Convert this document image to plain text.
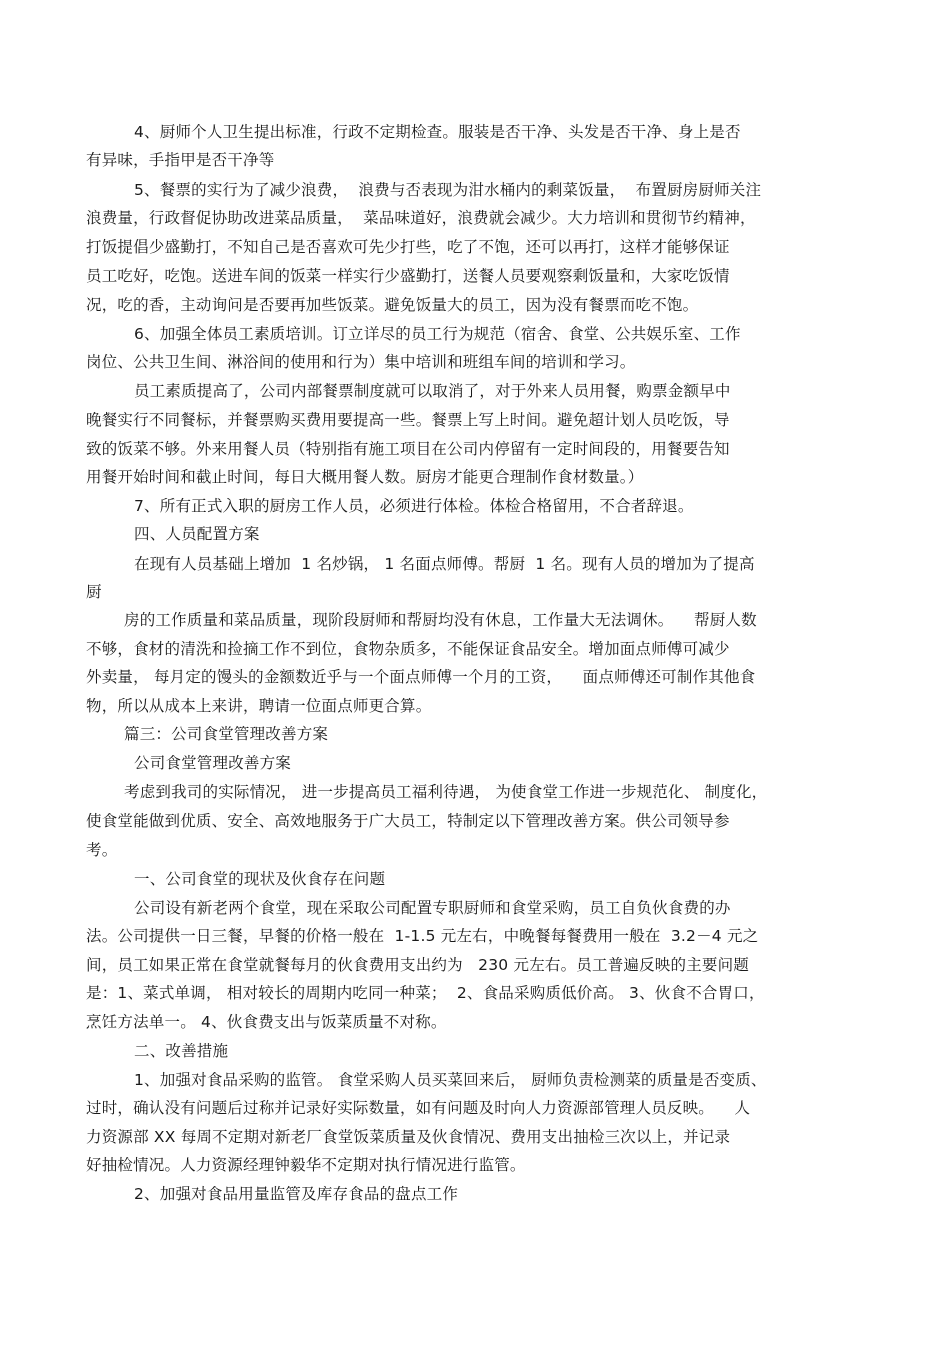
4、厨师个人卫生提出标准，行政不定期检查。服装是否干净、头发是否干净、身上是否
有异味，手指甲是否干净等
5、餐票的实行为了减少浪费，  浪费与否表现为泔水桶内的剩菜饭量，  布置厨房厨师关注
浪费量，行政督促协助改进菜品质量，  菜品味道好，浪费就会减少。大力培训和贯彻节约精神，
打饭提倡少盛勤打，不知自己是否喜欢可先少打些，吃了不饱，还可以再打，这样才能够保证
员工吃好，吃饱。送进车间的饭菜一样实行少盛勤打，送餐人员要观察剩饭量和，大家吃饭情
况，吃的香，主动询问是否要再加些饭菜。避免饭量大的员工，因为没有餐票而吃不饱。
6、加强全体员工素质培训。订立详尽的员工行为规范（宿舍、食堂、公共娱乐室、工作
岗位、公共卫生间、淋浴间的使用和行为）集中培训和班组车间的培训和学习。
员工素质提高了，公司内部餐票制度就可以取消了，对于外来人员用餐，购票金额早中
晚餐实行不同餐标，并餐票购买费用要提高一些。餐票上写上时间。避免超计划人员吃饭，导
致的饭菜不够。外来用餐人员（特别指有施工项目在公司内停留有一定时间段的，用餐要告知
用餐开始时间和截止时间，每日大概用餐人数。厨房才能更合理制作食材数量。）
7、所有正式入职的厨房工作人员，必须进行体检。体检合格留用，不合者辞退。
四、人员配置方案
在现有人员基础上增加  1 名炒锅， 1 名面点师傅。帮厨  1 名。现有人员的增加为了提高
厨
房的工作质量和菜品质量，现阶段厨师和帮厨均没有休息，工作量大无法调休。    帮厨人数
不够，食材的清洗和捡摘工作不到位，食物杂质多，不能保证食品安全。增加面点师傅可减少
外卖量， 每月定的馒头的金额数近乎与一个面点师傅一个月的工资，    面点师傅还可制作其他食
物，所以从成本上来讲，聘请一位面点师更合算。
篇三：公司食堂管理改善方案
公司食堂管理改善方案
考虑到我司的实际情况， 进一步提高员工福利待遇， 为使食堂工作进一步规范化、 制度化，
使食堂能做到优质、安全、高效地服务于广大员工，特制定以下管理改善方案。供公司领导参
考。
一、公司食堂的现状及伙食存在问题
公司设有新老两个食堂，现在采取公司配置专职厨师和食堂采购，员工自负伙食费的办
法。公司提供一日三餐，早餐的价格一般在  1-1.5 元左右，中晚餐每餐费用一般在  3.2－4 元之
间，员工如果正常在食堂就餐每月的伙食费用支出约为   230 元左右。员工普遍反映的主要问题
是：1、菜式单调， 相对较长的周期内吃同一种菜；  2、食品采购质低价高。 3、伙食不合胃口，
烹饪方法单一。 4、伙食费支出与饭菜质量不对称。
二、改善措施
1、加强对食品采购的监管。 食堂采购人员买菜回来后， 厨师负责检测菜的质量是否变质、
过时，确认没有问题后过称并记录好实际数量，如有问题及时向人力资源部管理人员反映。    人
力资源部 XX 每周不定期对新老厂食堂饭菜质量及伙食情况、费用支出抽检三次以上，并记录
好抽检情况。人力资源经理钟毅华不定期对执行情况进行监管。
2、加强对食品用量监管及库存食品的盘点工作
